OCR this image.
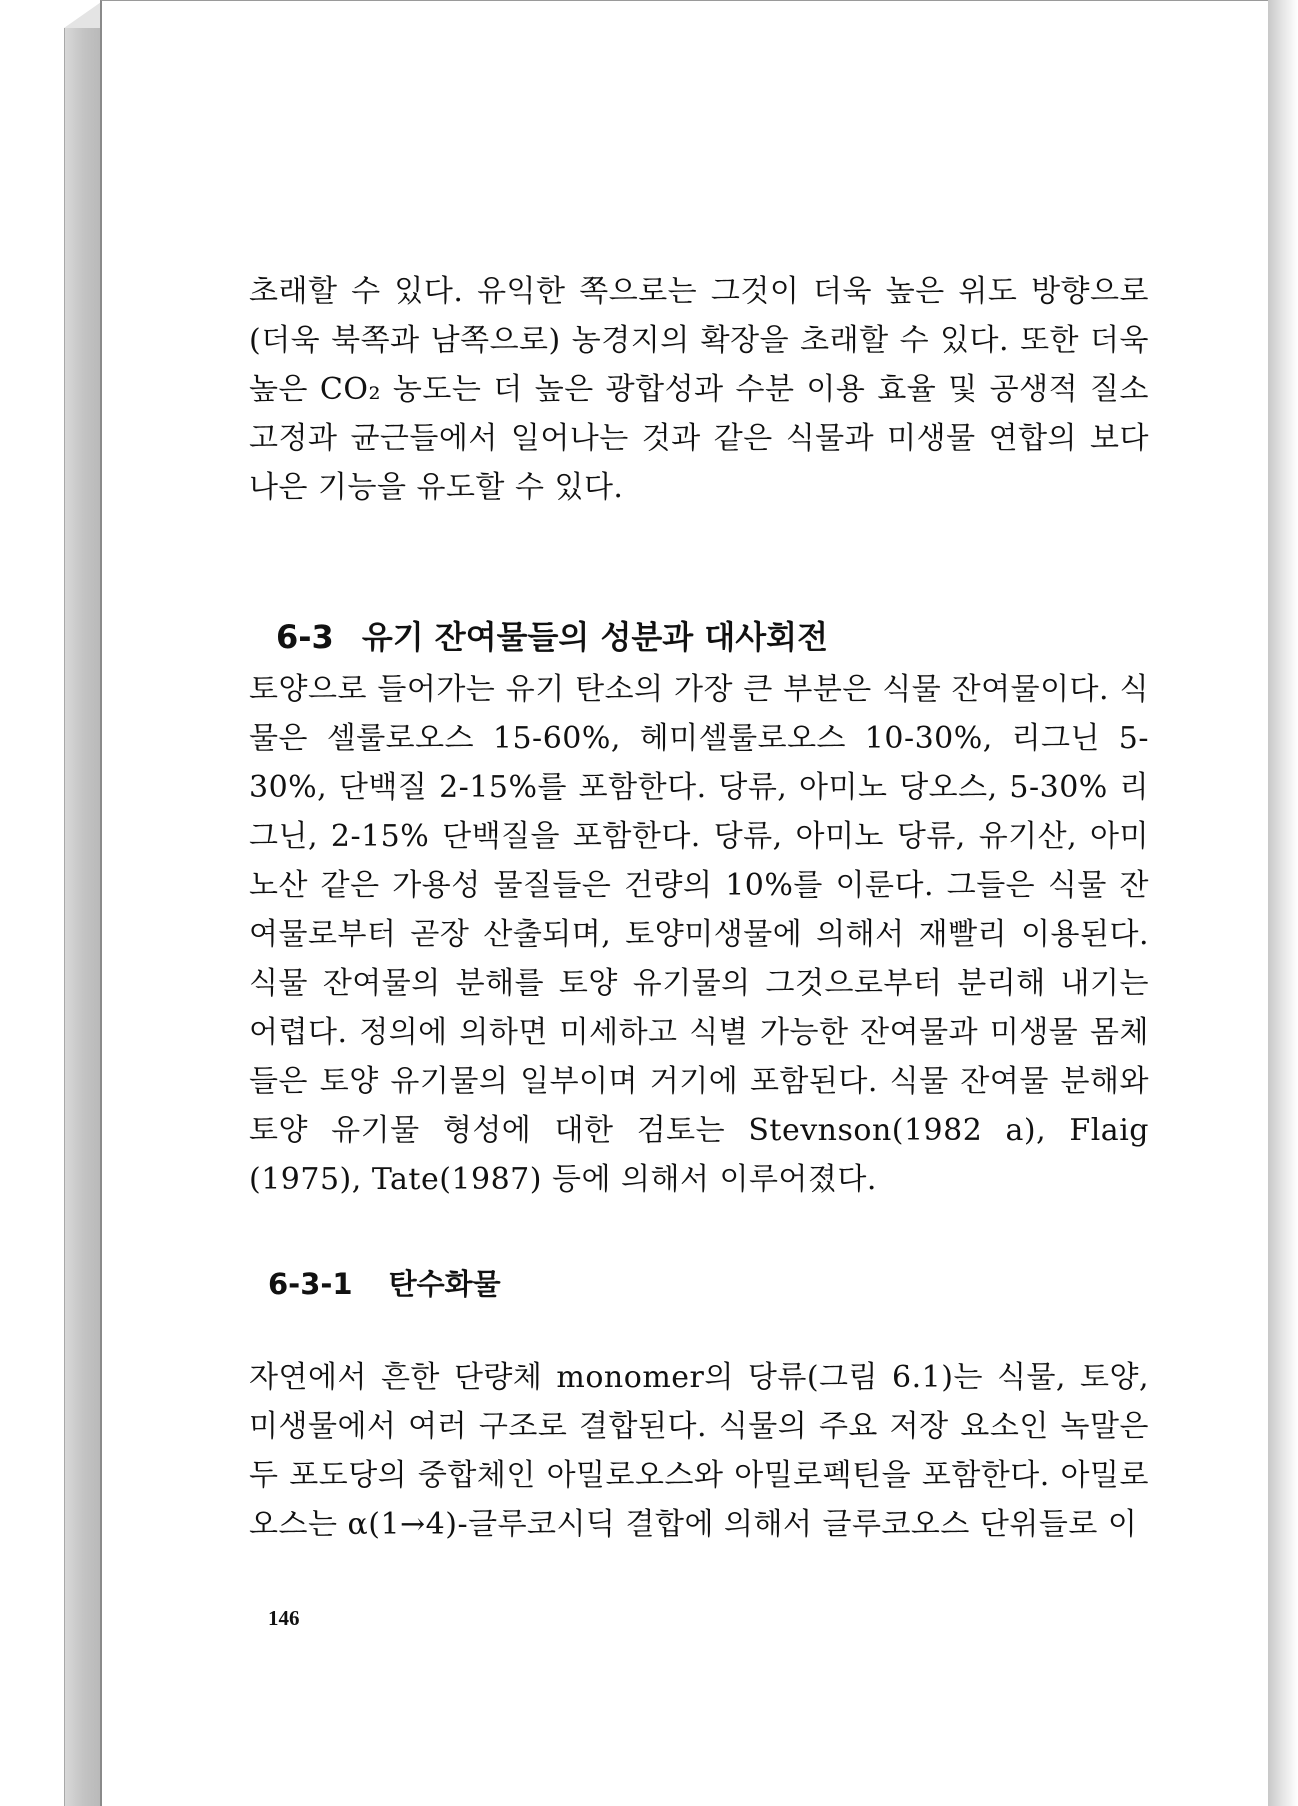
초래할 수 있다. 유익한 쪽으로는 그것이 더욱 높은 위도 방향으로(더욱 북쪽과 남쪽으로) 농경지의 확장을 초래할 수 있다. 또한 더욱 높은 CO₂ 농도는 더 높은 광합성과 수분 이용 효율 및 공생적 질소고정과 균근들에서 일어나는 것과 같은 식물과 미생물 연합의 보다 나은 기능을 유도할 수 있다.

6-3 유기 잔여물들의 성분과 대사회전

토양으로 들어가는 유기 탄소의 가장 큰 부분은 식물 잔여물이다. 식물은 셀룰로오스 15-60%, 헤미셀룰로오스 10-30%, 리그닌 5-30%, 단백질 2-15%를 포함한다. 당류, 아미노 당오스, 5-30% 리그닌, 2-15% 단백질을 포함한다. 당류, 아미노 당류, 유기산, 아미노산 같은 가용성 물질들은 건량의 10%를 이룬다. 그들은 식물 잔여물로부터 곧장 산출되며, 토양미생물에 의해서 재빨리 이용된다. 식물 잔여물의 분해를 토양 유기물의 그것으로부터 분리해 내기는 어렵다. 정의에 의하면 미세하고 식별 가능한 잔여물과 미생물 몸체들은 토양 유기물의 일부이며 거기에 포함된다. 식물 잔여물 분해와 토양 유기물 형성에 대한 검토는 Stevnson(1982 a), Flaig (1975), Tate(1987) 등에 의해서 이루어졌다.

6-3-1 탄수화물

자연에서 흔한 단량체 monomer의 당류(그림 6.1)는 식물, 토양, 미생물에서 여러 구조로 결합된다. 식물의 주요 저장 요소인 녹말은 두 포도당의 중합체인 아밀로오스와 아밀로펙틴을 포함한다. 아밀로오스는 α(1→4)-글루코시딕 결합에 의해서 글루코오스 단위들로 이

146
